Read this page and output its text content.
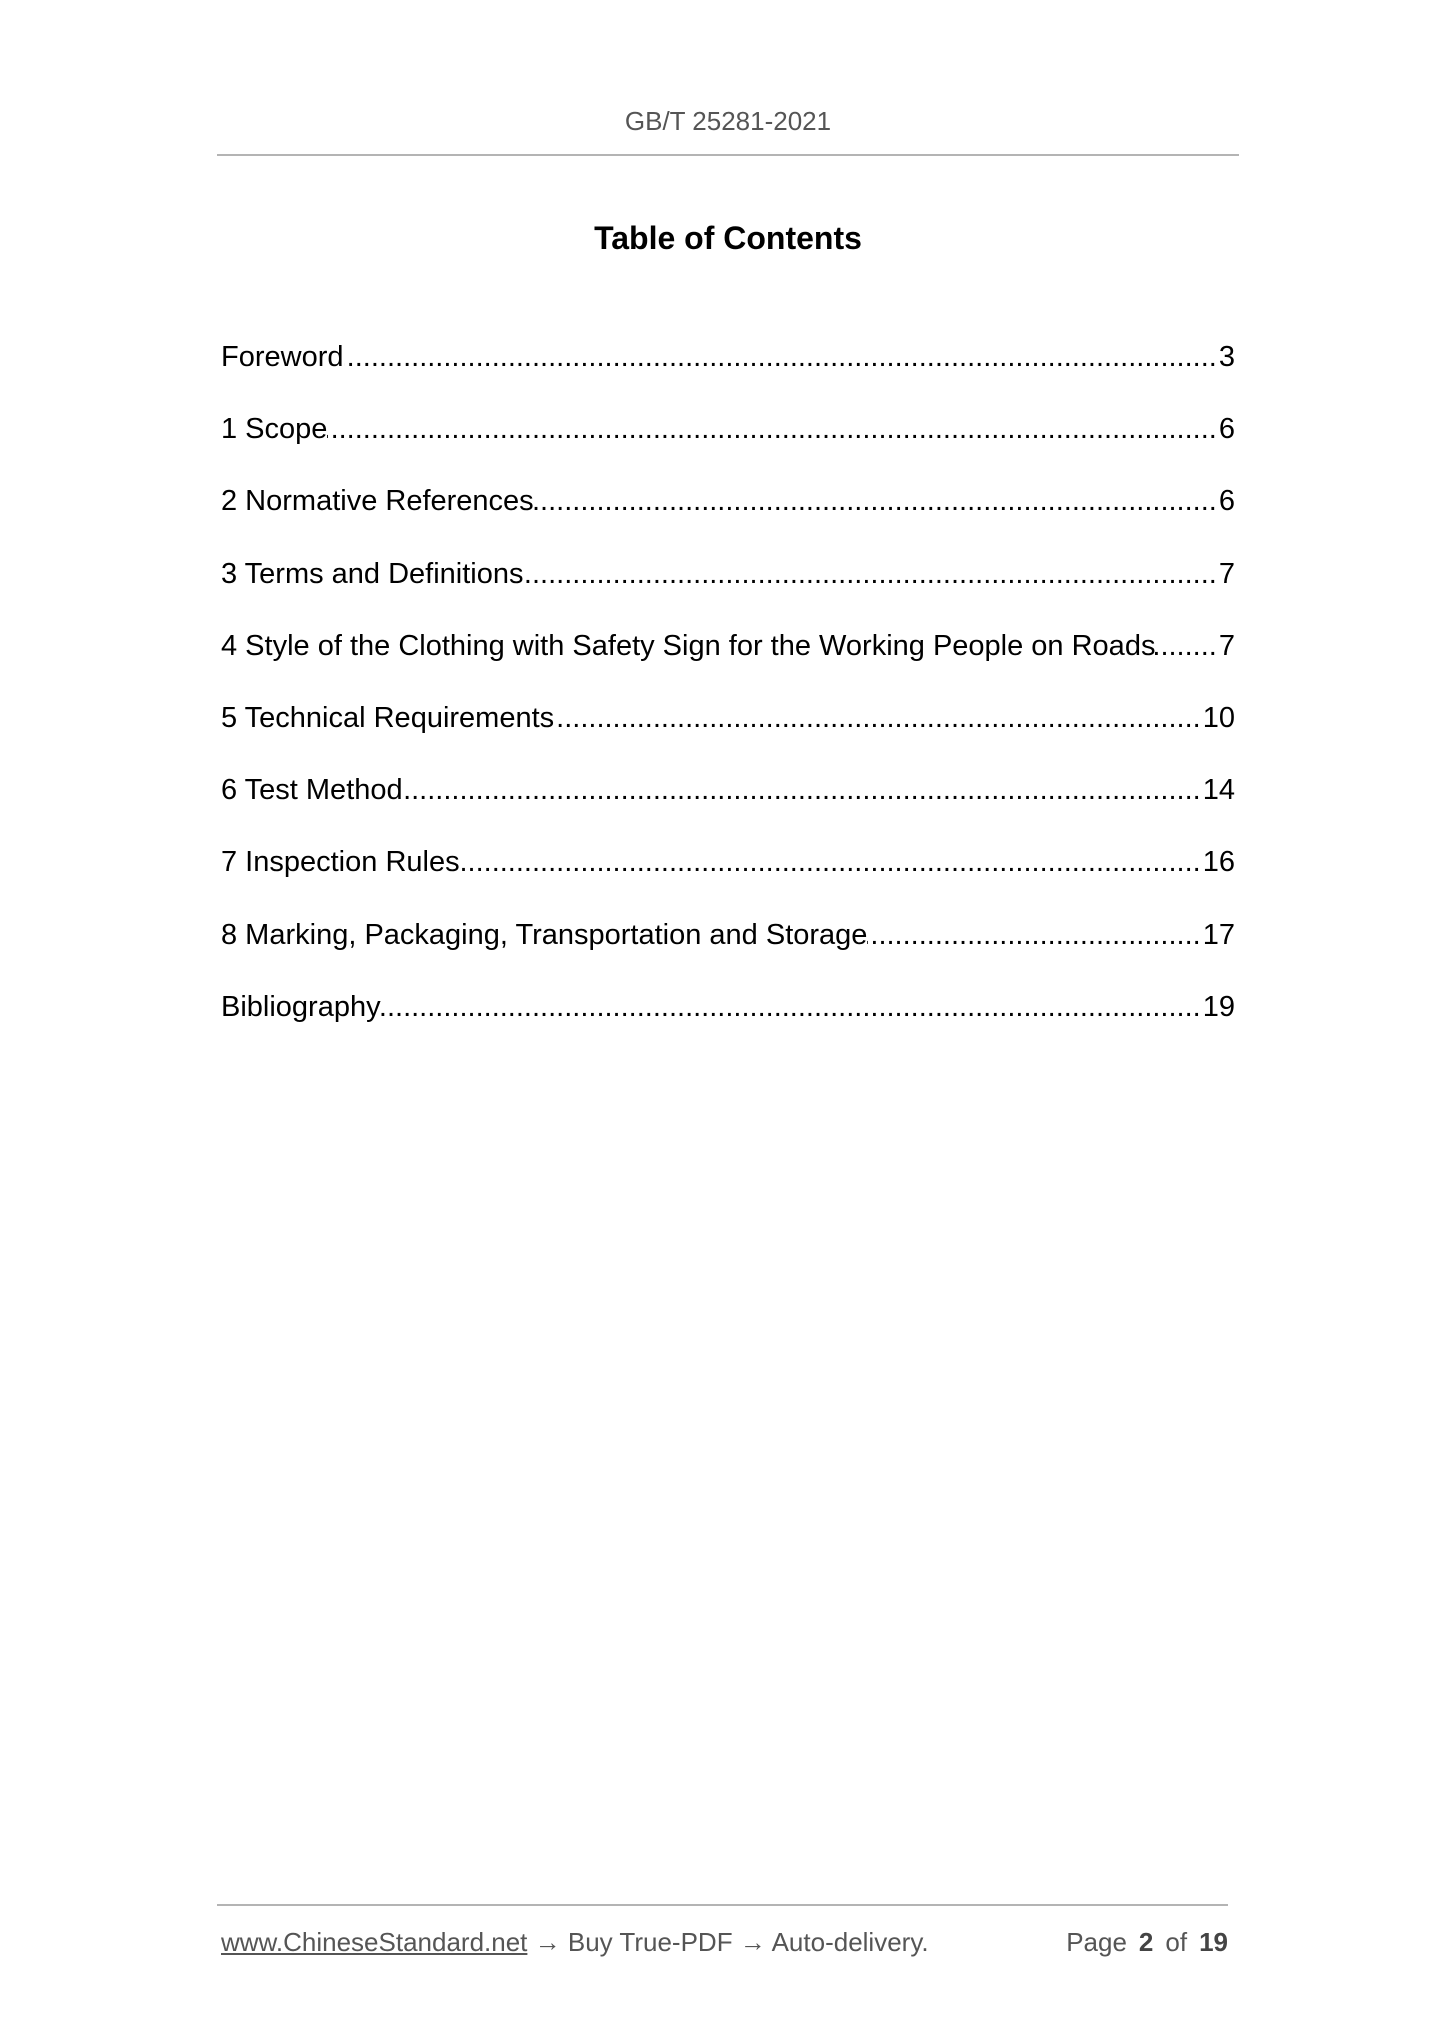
GB/T 25281-2021
Table of Contents
Foreword .....	3
1 Scope .....	6
2 Normative References .....	6
3 Terms and Definitions .....	7
4 Style of the Clothing with Safety Sign for the Working People on Roads ..... 7
5 Technical Requirements .....	10
6 Test Method .....	14
7 Inspection Rules .....	16
8 Marking, Packaging, Transportation and Storage .....	17
Bibliography .....	19
www.ChineseStandard.net → Buy True-PDF → Auto-delivery.	Page 2 of 19
